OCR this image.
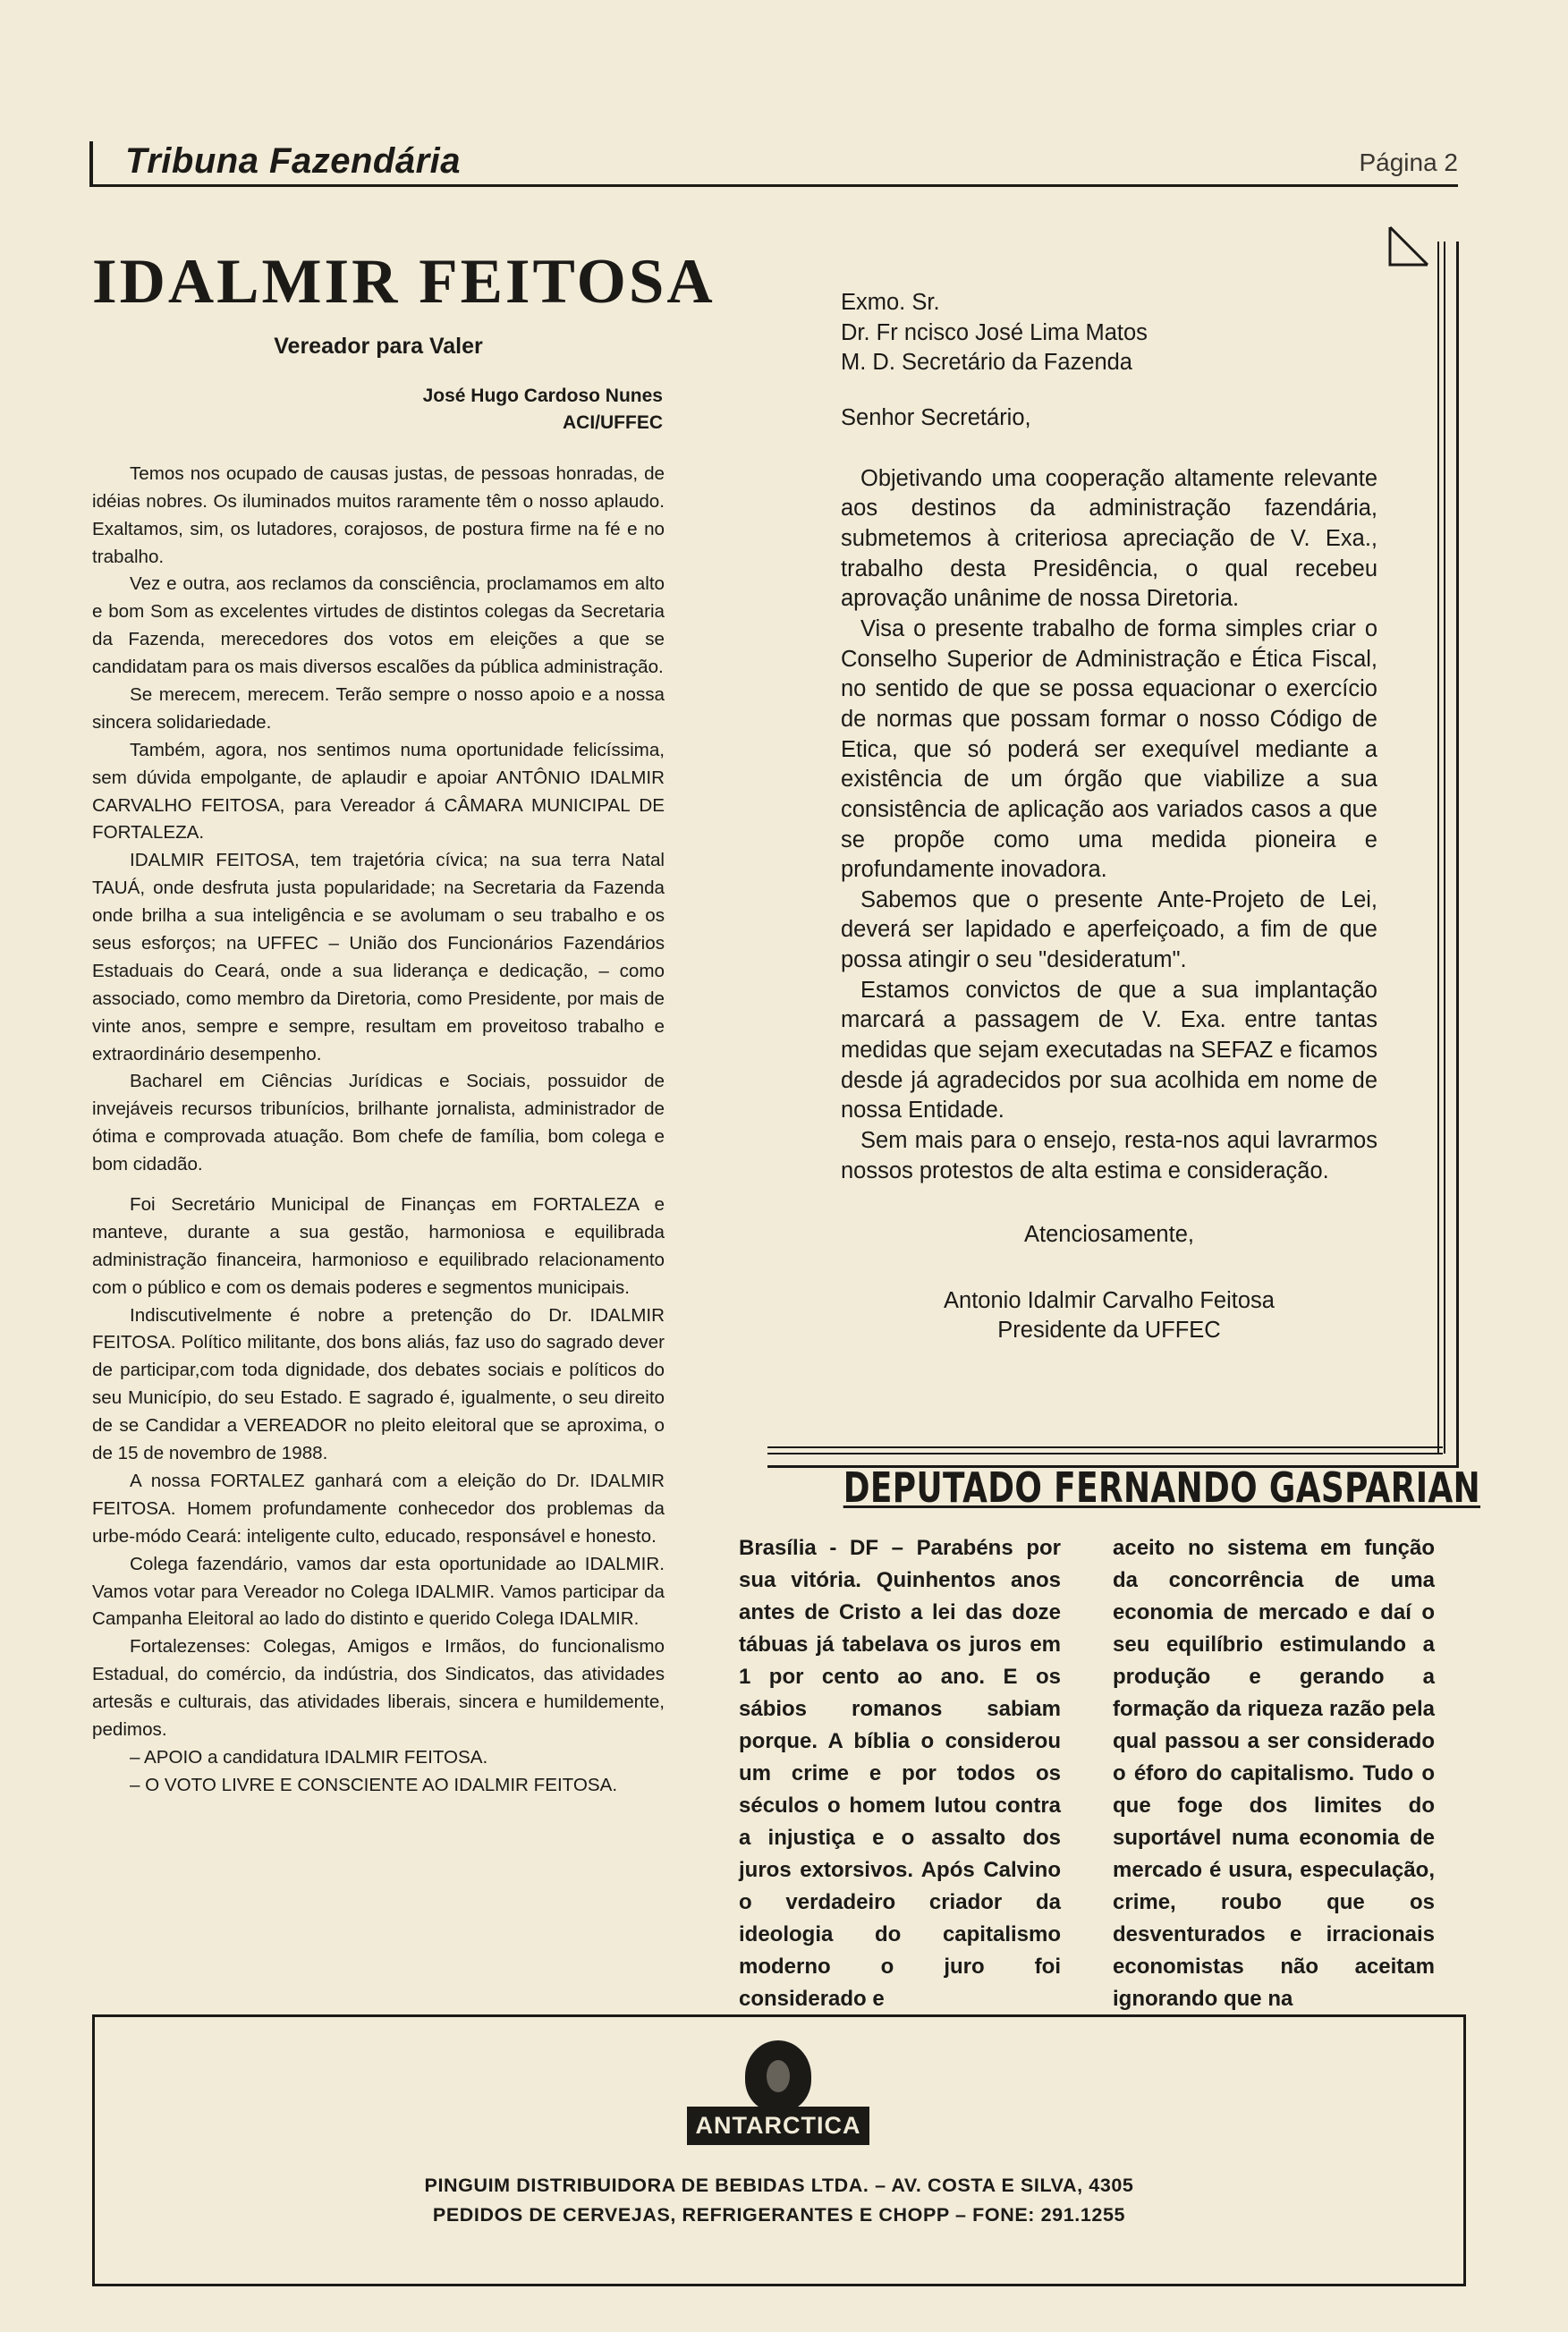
Tribuna Fazendária	Página 2
IDALMIR FEITOSA
Vereador para Valer
José Hugo Cardoso Nunes
ACI/UFFEC

Temos nos ocupado de causas justas, de pessoas honradas, de idéias nobres. Os iluminados muitos raramente têm o nosso aplaudo. Exaltamos, sim, os lutadores, corajosos, de postura firme na fé e no trabalho.

Vez e outra, aos reclamos da consciência, proclamamos em alto e bom Som as excelentes virtudes de distintos colegas da Secretaria da Fazenda, merecedores dos votos em eleições a que se candidatam para os mais diversos escalões da pública administração.

Se merecem, merecem. Terão sempre o nosso apoio e a nossa sincera solidariedade.

Também, agora, nos sentimos numa oportunidade felicíssima, sem dúvida empolgante, de aplaudir e apoiar ANTÔNIO IDALMIR CARVALHO FEITOSA, para Vereador á CÂMARA MUNICIPAL DE FORTALEZA.

IDALMIR FEITOSA, tem trajetória cívica; na sua terra Natal TAUÁ, onde desfruta justa popularidade; na Secretaria da Fazenda onde brilha a sua inteligência e se avolumam o seu trabalho e os seus esforços; na UFFEC – União dos Funcionários Fazendários Estaduais do Ceará, onde a sua liderança e dedicação, – como associado, como membro da Diretoria, como Presidente, por mais de vinte anos, sempre e sempre, resultam em proveitoso trabalho e extraordinário desempenho.

Bacharel em Ciências Jurídicas e Sociais, possuidor de invejáveis recursos tribunícios, brilhante jornalista, administrador de ótima e comprovada atuação. Bom chefe de família, bom colega e bom cidadão.

Foi Secretário Municipal de Finanças em FORTALEZA e manteve, durante a sua gestão, harmoniosa e equilibrada administração financeira, harmonioso e equilibrado relacionamento com o público e com os demais poderes e segmentos municipais.

Indiscutivelmente é nobre a pretenção do Dr. IDALMIR FEITOSA. Político militante, dos bons aliás, faz uso do sagrado dever de participar,com toda dignidade, dos debates sociais e políticos do seu Município, do seu Estado. E sagrado é, igualmente, o seu direito de se Candidar a VEREADOR no pleito eleitoral que se aproxima, o de 15 de novembro de 1988.

A nossa FORTALEZ ganhará com a eleição do Dr. IDALMIR FEITOSA. Homem profundamente conhecedor dos problemas da urbe-módo Ceará: inteligente culto, educado, responsável e honesto.

Colega fazendário, vamos dar esta oportunidade ao IDALMIR. Vamos votar para Vereador no Colega IDALMIR. Vamos participar da Campanha Eleitoral ao lado do distinto e querido Colega IDALMIR.

Fortalezenses: Colegas, Amigos e Irmãos, do funcionalismo Estadual, do comércio, da indústria, dos Sindicatos, das atividades artesãs e culturais, das atividades liberais, sincera e humildemente, pedimos.

– APOIO a candidatura IDALMIR FEITOSA.

– O VOTO LIVRE E CONSCIENTE AO IDALMIR FEITOSA.

Exmo. Sr.
Dr. Fr ncisco José Lima Matos
M. D. Secretário da Fazenda
Senhor Secretário,

Objetivando uma cooperação altamente relevante aos destinos da administração fazendária, submetemos à criteriosa apreciação de V. Exa., trabalho desta Presidência, o qual recebeu aprovação unânime de nossa Diretoria.

Visa o presente trabalho de forma simples criar o Conselho Superior de Administração e Ética Fiscal, no sentido de que se possa equacionar o exercício de normas que possam formar o nosso Código de Etica, que só poderá ser exequível mediante a existência de um órgão que viabilize a sua consistência de aplicação aos variados casos a que se propõe como uma medida pioneira e profundamente inovadora.

Sabemos que o presente Ante-Projeto de Lei, deverá ser lapidado e aperfeiçoado, a fim de que possa atingir o seu "desideratum".

Estamos convictos de que a sua implantação marcará a passagem de V. Exa. entre tantas medidas que sejam executadas na SEFAZ e ficamos desde já agradecidos por sua acolhida em nome de nossa Entidade.

Sem mais para o ensejo, resta-nos aqui lavrarmos nossos protestos de alta estima e consideração.

Atenciosamente,

Antonio Idalmir Carvalho Feitosa

Presidente da UFFEC

DEPUTADO FERNANDO GASPARIAN
Brasília - DF – Parabéns por sua vitória. Quinhentos anos antes de Cristo a lei das doze tábuas já tabelava os juros em 1 por cento ao ano. E os sábios romanos sabiam porque. A bíblia o considerou um crime e por todos os séculos o homem lutou contra a injustiça e o assalto dos juros extorsivos. Após Calvino o verdadeiro criador da ideologia do capitalismo moderno o juro foi considerado e
aceito no sistema em função da concorrência de uma economia de mercado e daí o seu equilíbrio estimulando a produção e gerando a formação da riqueza razão pela qual passou a ser considerado o éforo do capitalismo. Tudo o que foge dos limites do suportável numa economia de mercado é usura, especulação, crime, roubo que os desventurados e irracionais economistas não aceitam ignorando que na
ANTARCTICA
PINGUIM DISTRIBUIDORA DE BEBIDAS LTDA. – AV. COSTA E SILVA, 4305
PEDIDOS DE CERVEJAS, REFRIGERANTES E CHOPP – FONE: 291.1255
